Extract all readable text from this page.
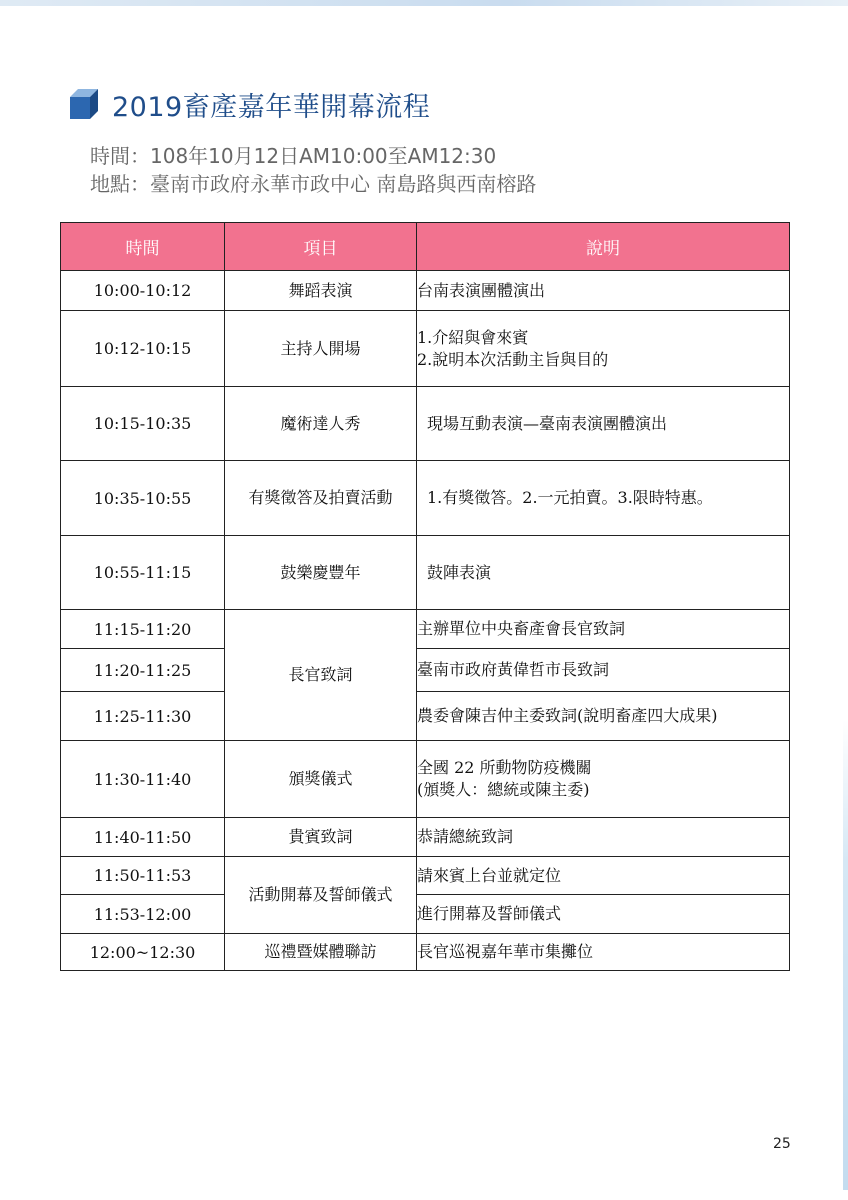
2019畜產嘉年華開幕流程
時間：108年10月12日AM10:00至AM12:30
地點：臺南市政府永華市政中心 南島路與西南榕路
時間	項目	說明
10:00-10:12	舞蹈表演	台南表演團體演出
10:12-10:15	主持人開場	1.介紹與會來賓
2.說明本次活動主旨與目的

10:15-10:35	魔術達人秀	現場互動表演—臺南表演團體演出
10:35-10:55	有獎徵答及拍賣活動	1.有獎徵答。2.一元拍賣。3.限時特惠。
10:55-11:15	鼓樂慶豐年	鼓陣表演
11:15-11:20	長官致詞	主辦單位中央畜產會長官致詞
11:20-11:25		臺南市政府黃偉哲市長致詞
11:25-11:30		農委會陳吉仲主委致詞(說明畜產四大成果)
11:30-11:40	頒獎儀式	全國 22 所動物防疫機關
(頒獎人：總統或陳主委)

11:40-11:50	貴賓致詞	恭請總統致詞
11:50-11:53	活動開幕及誓師儀式	請來賓上台並就定位
11:53-12:00		進行開幕及誓師儀式
12:00~12:30	巡禮暨媒體聯訪	長官巡視嘉年華市集攤位
25
